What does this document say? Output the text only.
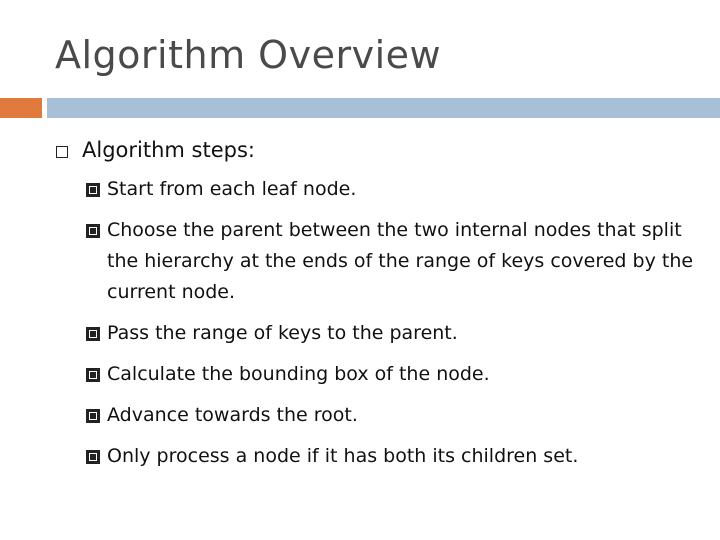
Algorithm Overview
Algorithm steps:
Start from each leaf node.
Choose the parent between the two internal nodes that split the hierarchy at the ends of the range of keys covered by the current node.
Pass the range of keys to the parent.
Calculate the bounding box of the node.
Advance towards the root.
Only process a node if it has both its children set.
